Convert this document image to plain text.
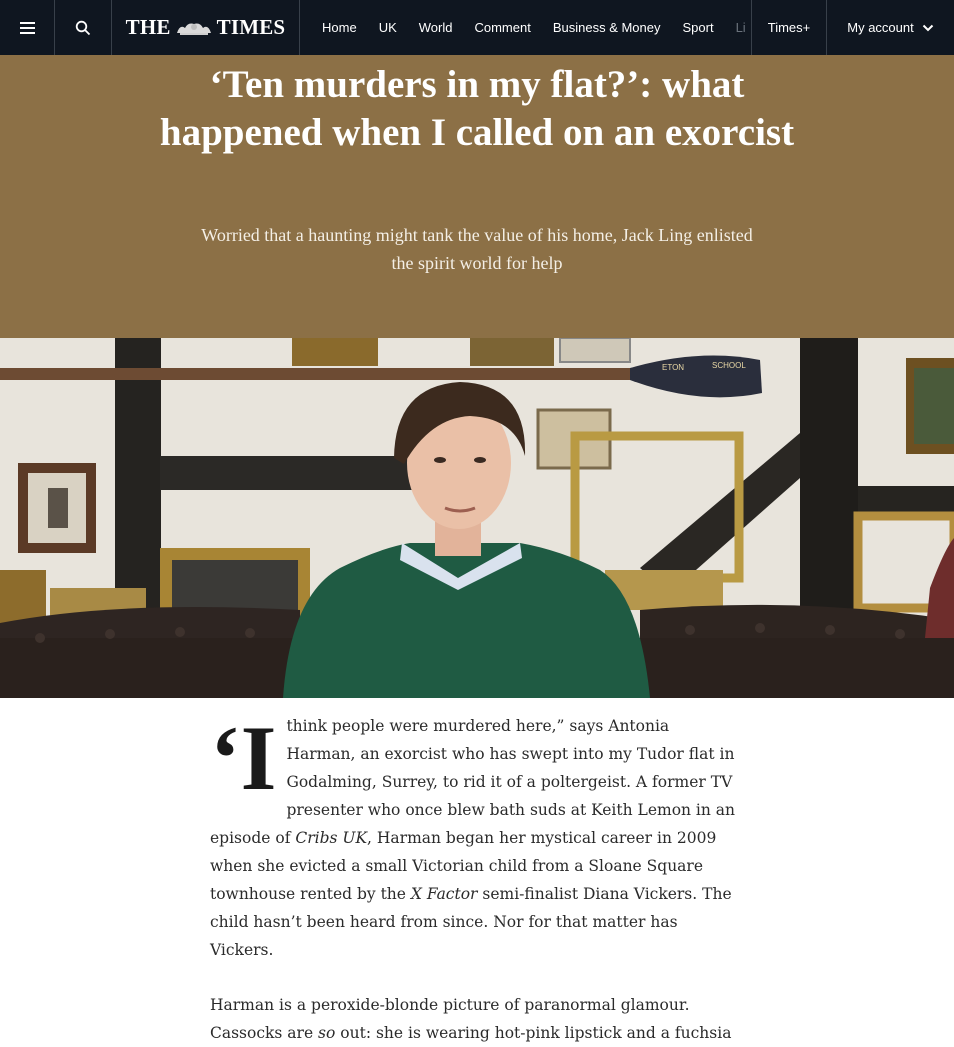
THE TIMES	Home UK World Comment Business & Money Sport Li Times+	My account
‘Ten murders in my flat?’: what happened when I called on an exorcist

Worried that a haunting might tank the value of his home, Jack Ling enlisted the spirit world for help

ETON	SCHOOL

‘I think people were murdered here,” says Antonia Harman, an exorcist who has swept into my Tudor flat in Godalming, Surrey, to rid it of a poltergeist. A former TV presenter who once blew bath suds at Keith Lemon in an episode of Cribs UK, Harman began her mystical career in 2009 when she evicted a small Victorian child from a Sloane Square townhouse rented by the X Factor semi-finalist Diana Vickers. The child hasn’t been heard from since. Nor for that matter has Vickers.

Harman is a peroxide-blonde picture of paranormal glamour. Cassocks are so out: she is wearing hot-pink lipstick and a fuchsia
